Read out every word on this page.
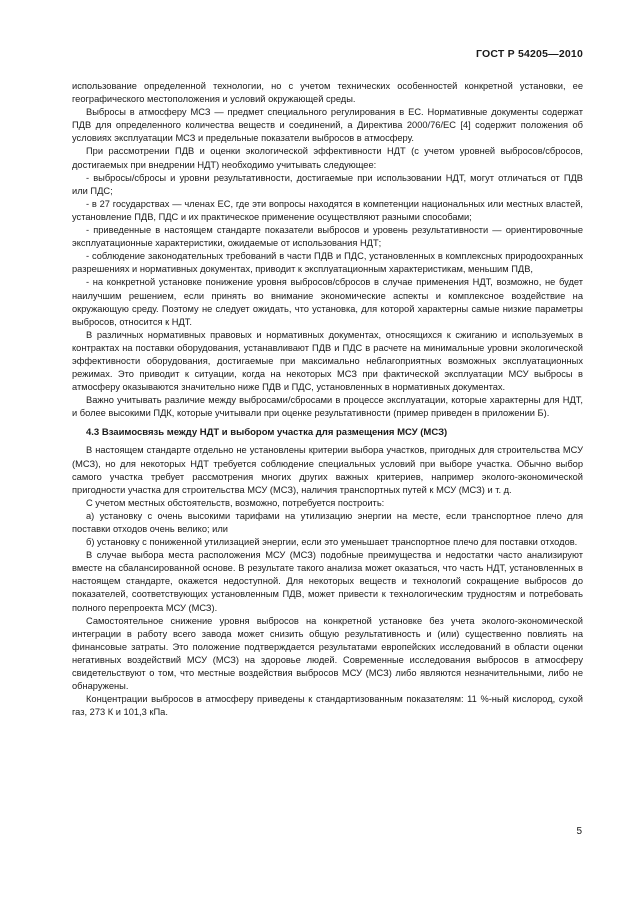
ГОСТ Р 54205—2010

использование определенной технологии, но с учетом технических особенностей конкретной установки, ее географического местоположения и условий окружающей среды.

Выбросы в атмосферу МСЗ — предмет специального регулирования в ЕС. Нормативные документы содержат ПДВ для определенного количества веществ и соединений, а Директива 2000/76/ЕС [4] содержит положения об условиях эксплуатации МСЗ и предельные показатели выбросов в атмосферу.

При рассмотрении ПДВ и оценки экологической эффективности НДТ (с учетом уровней выбросов/сбросов, достигаемых при внедрении НДТ) необходимо учитывать следующее:

- выбросы/сбросы и уровни результативности, достигаемые при использовании НДТ, могут отличаться от ПДВ или ПДС;

- в 27 государствах — членах ЕС, где эти вопросы находятся в компетенции национальных или местных властей, установление ПДВ, ПДС и их практическое применение осуществляют разными способами;

- приведенные в настоящем стандарте показатели выбросов и уровень результативности — ориентировочные эксплуатационные характеристики, ожидаемые от использования НДТ;

- соблюдение законодательных требований в части ПДВ и ПДС, установленных в комплексных природоохранных разрешениях и нормативных документах, приводит к эксплуатационным характеристикам, меньшим ПДВ,

- на конкретной установке понижение уровня выбросов/сбросов в случае применения НДТ, возможно, не будет наилучшим решением, если принять во внимание экономические аспекты и комплексное воздействие на окружающую среду. Поэтому не следует ожидать, что установка, для которой характерны самые низкие параметры выбросов, относится к НДТ.

В различных нормативных правовых и нормативных документах, относящихся к сжиганию и используемых в контрактах на поставки оборудования, устанавливают ПДВ и ПДС в расчете на минимальные уровни экологической эффективности оборудования, достигаемые при максимально неблагоприятных возможных эксплуатационных режимах. Это приводит к ситуации, когда на некоторых МСЗ при фактической эксплуатации МСУ выбросы в атмосферу оказываются значительно ниже ПДВ и ПДС, установленных в нормативных документах.

Важно учитывать различие между выбросами/сбросами в процессе эксплуатации, которые характерны для НДТ, и более высокими ПДК, которые учитывали при оценке результативности (пример приведен в приложении Б).

4.3 Взаимосвязь между НДТ и выбором участка для размещения МСУ (МСЗ)

В настоящем стандарте отдельно не установлены критерии выбора участков, пригодных для строительства МСУ (МСЗ), но для некоторых НДТ требуется соблюдение специальных условий при выборе участка. Обычно выбор самого участка требует рассмотрения многих других важных критериев, например эколого-экономической пригодности участка для строительства МСУ (МСЗ), наличия транспортных путей к МСУ (МСЗ) и т. д.

С учетом местных обстоятельств, возможно, потребуется построить:

а) установку с очень высокими тарифами на утилизацию энергии на месте, если транспортное плечо для поставки отходов очень велико; или

б) установку с пониженной утилизацией энергии, если это уменьшает транспортное плечо для поставки отходов.

В случае выбора места расположения МСУ (МСЗ) подобные преимущества и недостатки часто анализируют вместе на сбалансированной основе. В результате такого анализа может оказаться, что часть НДТ, установленных в настоящем стандарте, окажется недоступной. Для некоторых веществ и технологий сокращение выбросов до показателей, соответствующих установленным ПДВ, может привести к технологическим трудностям и потребовать полного перепроекта МСУ (МСЗ).

Самостоятельное снижение уровня выбросов на конкретной установке без учета эколого-экономической интеграции в работу всего завода может снизить общую результативность и (или) существенно повлиять на финансовые затраты. Это положение подтверждается результатами европейских исследований в области оценки негативных воздействий МСУ (МСЗ) на здоровье людей. Современные исследования выбросов в атмосферу свидетельствуют о том, что местные воздействия выбросов МСУ (МСЗ) либо являются незначительными, либо не обнаружены.

Концентрации выбросов в атмосферу приведены к стандартизованным показателям: 11 %-ный кислород, сухой газ, 273 К и 101,3 кПа.

5
